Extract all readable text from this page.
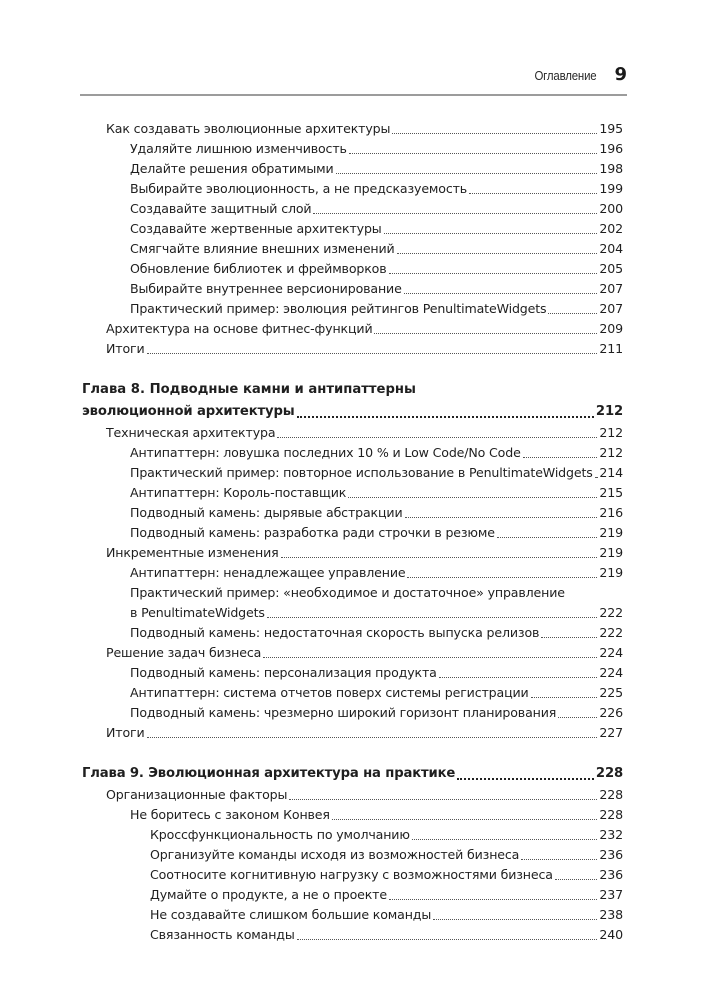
Оглавление 9
Как создавать эволюционные архитектуры	195
Удаляйте лишнюю изменчивость	196
Делайте решения обратимыми	198
Выбирайте эволюционность, а не предсказуемость	199
Создавайте защитный слой	200
Создавайте жертвенные архитектуры	202
Смягчайте влияние внешних изменений	204
Обновление библиотек и фреймворков	205
Выбирайте внутреннее версионирование	207
Практический пример: эволюция рейтингов PenultimateWidgets	207
Архитектура на основе фитнес-функций	209
Итоги	211
Глава 8. Подводные камни и антипаттерны
эволюционной архитектуры	212
Техническая архитектура	212
Антипаттерн: ловушка последних 10 % и Low Code/No Code	212
Практический пример: повторное использование в PenultimateWidgets 214
Антипаттерн: Король-поставщик	215
Подводный камень: дырявые абстракции	216
Подводный камень: разработка ради строчки в резюме	219
Инкрементные изменения	219
Антипаттерн: ненадлежащее управление	219
Практический пример: «необходимое и достаточное» управление
в PenultimateWidgets	222
Подводный камень: недостаточная скорость выпуска релизов	222
Решение задач бизнеса	224
Подводный камень: персонализация продукта	224
Антипаттерн: система отчетов поверх системы регистрации	225
Подводный камень: чрезмерно широкий горизонт планирования	226
Итоги	227
Глава 9. Эволюционная архитектура на практике	228
Организационные факторы	228
Не боритесь с законом Конвея	228
Кроссфункциональность по умолчанию	232
Организуйте команды исходя из возможностей бизнеса	236
Соотносите когнитивную нагрузку с возможностями бизнеса	236
Думайте о продукте, а не о проекте	237
Не создавайте слишком большие команды	238
Связанность команды	240
